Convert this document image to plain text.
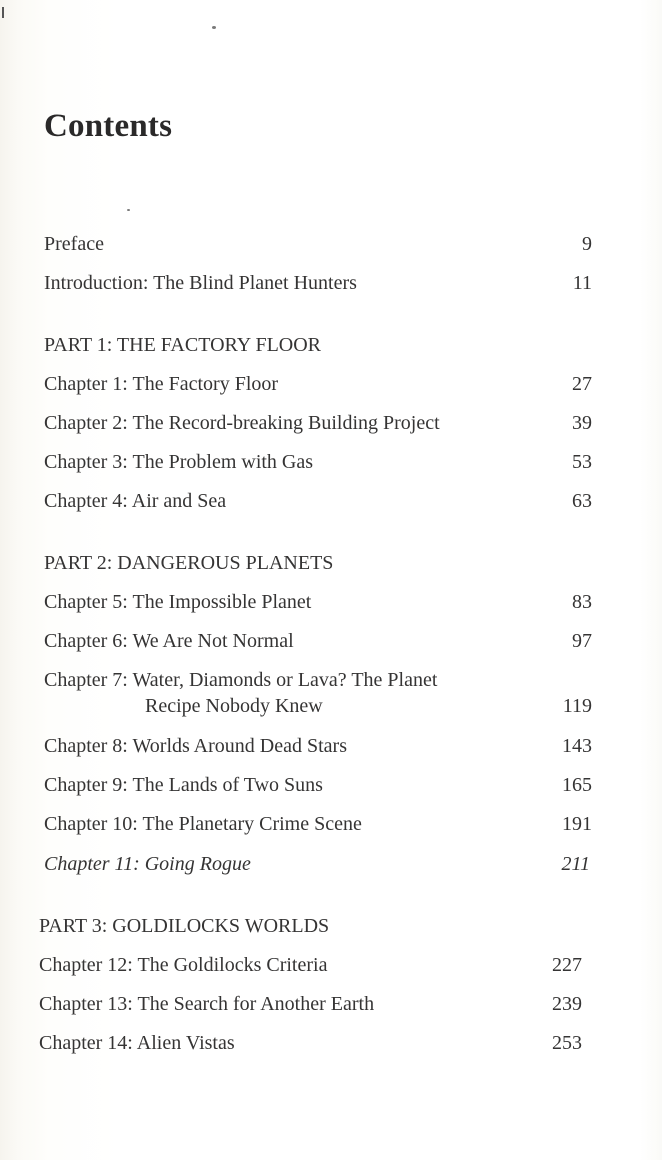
Contents
Preface	9
Introduction: The Blind Planet Hunters	11
PART 1: THE FACTORY FLOOR
Chapter 1: The Factory Floor	27
Chapter 2: The Record-breaking Building Project	39
Chapter 3: The Problem with Gas	53
Chapter 4: Air and Sea	63
PART 2: DANGEROUS PLANETS
Chapter 5: The Impossible Planet	83
Chapter 6: We Are Not Normal	97
Chapter 7: Water, Diamonds or Lava? The Planet
Recipe Nobody Knew	119
Chapter 8: Worlds Around Dead Stars	143
Chapter 9: The Lands of Two Suns	165
Chapter 10: The Planetary Crime Scene	191
Chapter 11: Going Rogue	211
PART 3: GOLDILOCKS WORLDS
Chapter 12: The Goldilocks Criteria	227
Chapter 13: The Search for Another Earth	239
Chapter 14: Alien Vistas	253
